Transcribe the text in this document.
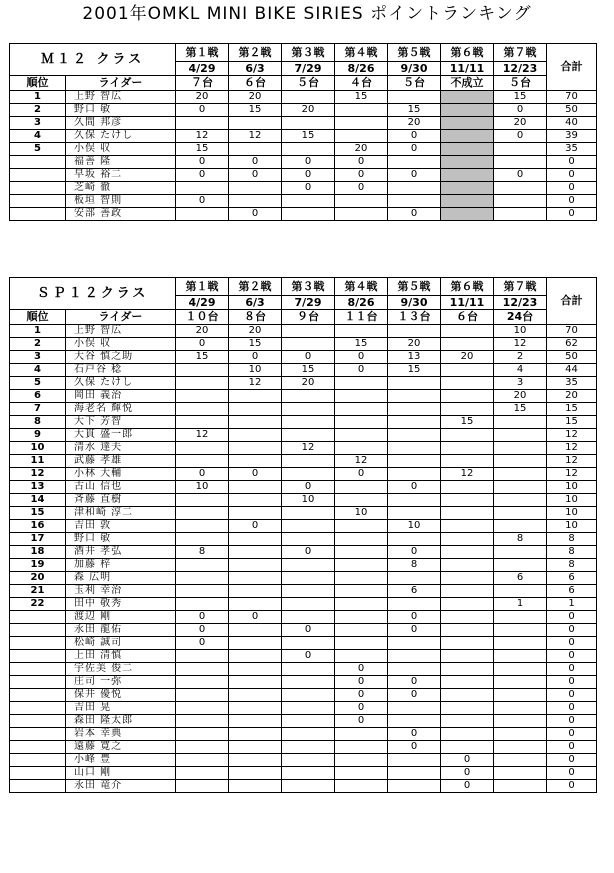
2001年OMKL MINI BIKE SIRIES ポイントランキング
Ｍ１２ クラス		第１戦	第２戦	第３戦	第４戦	第５戦	第６戦	第７戦	合計
		4/29	6/3	7/29	8/26	9/30	11/11	12/23	
順位	ライダー	７台	６台	５台	４台	５台	不成立	５台	
1	上野 智広	20	20		15			15	70
2	野口 敏	0	15	20		15		0	50
3	久間 邦彦					20		20	40
4	久保 たけし	12	12	15		0		0	39
5	小俣 収	15			20	0			35
	福善 隆	0	0	0	0				0
	早坂 裕二	0	0	0	0	0		0	0
	芝崎 徹			0	0				0
	板垣 智則	0							0
	安部 善政		0			0			0
ＳＰ１２クラス		第１戦	第２戦	第３戦	第４戦	第５戦	第６戦	第７戦	合計
		4/29	6/3	7/29	8/26	9/30	11/11	12/23	
順位	ライダー	１０台	８台	９台	１１台	１３台	６台	24台	
1	上野 智広	20	20					10	70
2	小俣 収	0	15		15	20		12	62
3	大谷 慎之助	15	0	0	0	13	20	2	50
4	石戸谷 稔		10	15	0	15		4	44
5	久保 たけし		12	20				3	35
6	岡田 義治							20	20
7	海老名 輝悦							15	15
8	大下 芳智						15		15
9	大貫 盛一郎	12							12
10	清水 達夫			12					12
11	武藤 孝雄				12				12
12	小林 大輔	0	0		0		12		12
13	古山 信也	10		0		0			10
14	斉藤 直樹			10					10
15	津和崎 淳二				10				10
16	吉田 敦		0			10			10
17	野口 敏							8	8
18	酒井 孝弘	8		0		0			8
19	加藤 梓					8			8
20	森 広明							6	6
21	玉利 幸治					6			6
22	田中 敬秀							1	1
	渡辺 剛	0	0			0			0
	永田 龍佑	0		0		0			0
	松崎 誠司	0							0
	上田 清慎			0					0
	宇佐美 俊二				0				0
	庄司 一弥				0	0			0
	保井 優悦				0	0			0
	吉田 晃				0				0
	森田 隆太郎				0				0
	岩本 幸典					0			0
	遠藤 寛之					0			0
	小峰 豊						0		0
	山口 剛						0		0
	永田 竜介						0		0
